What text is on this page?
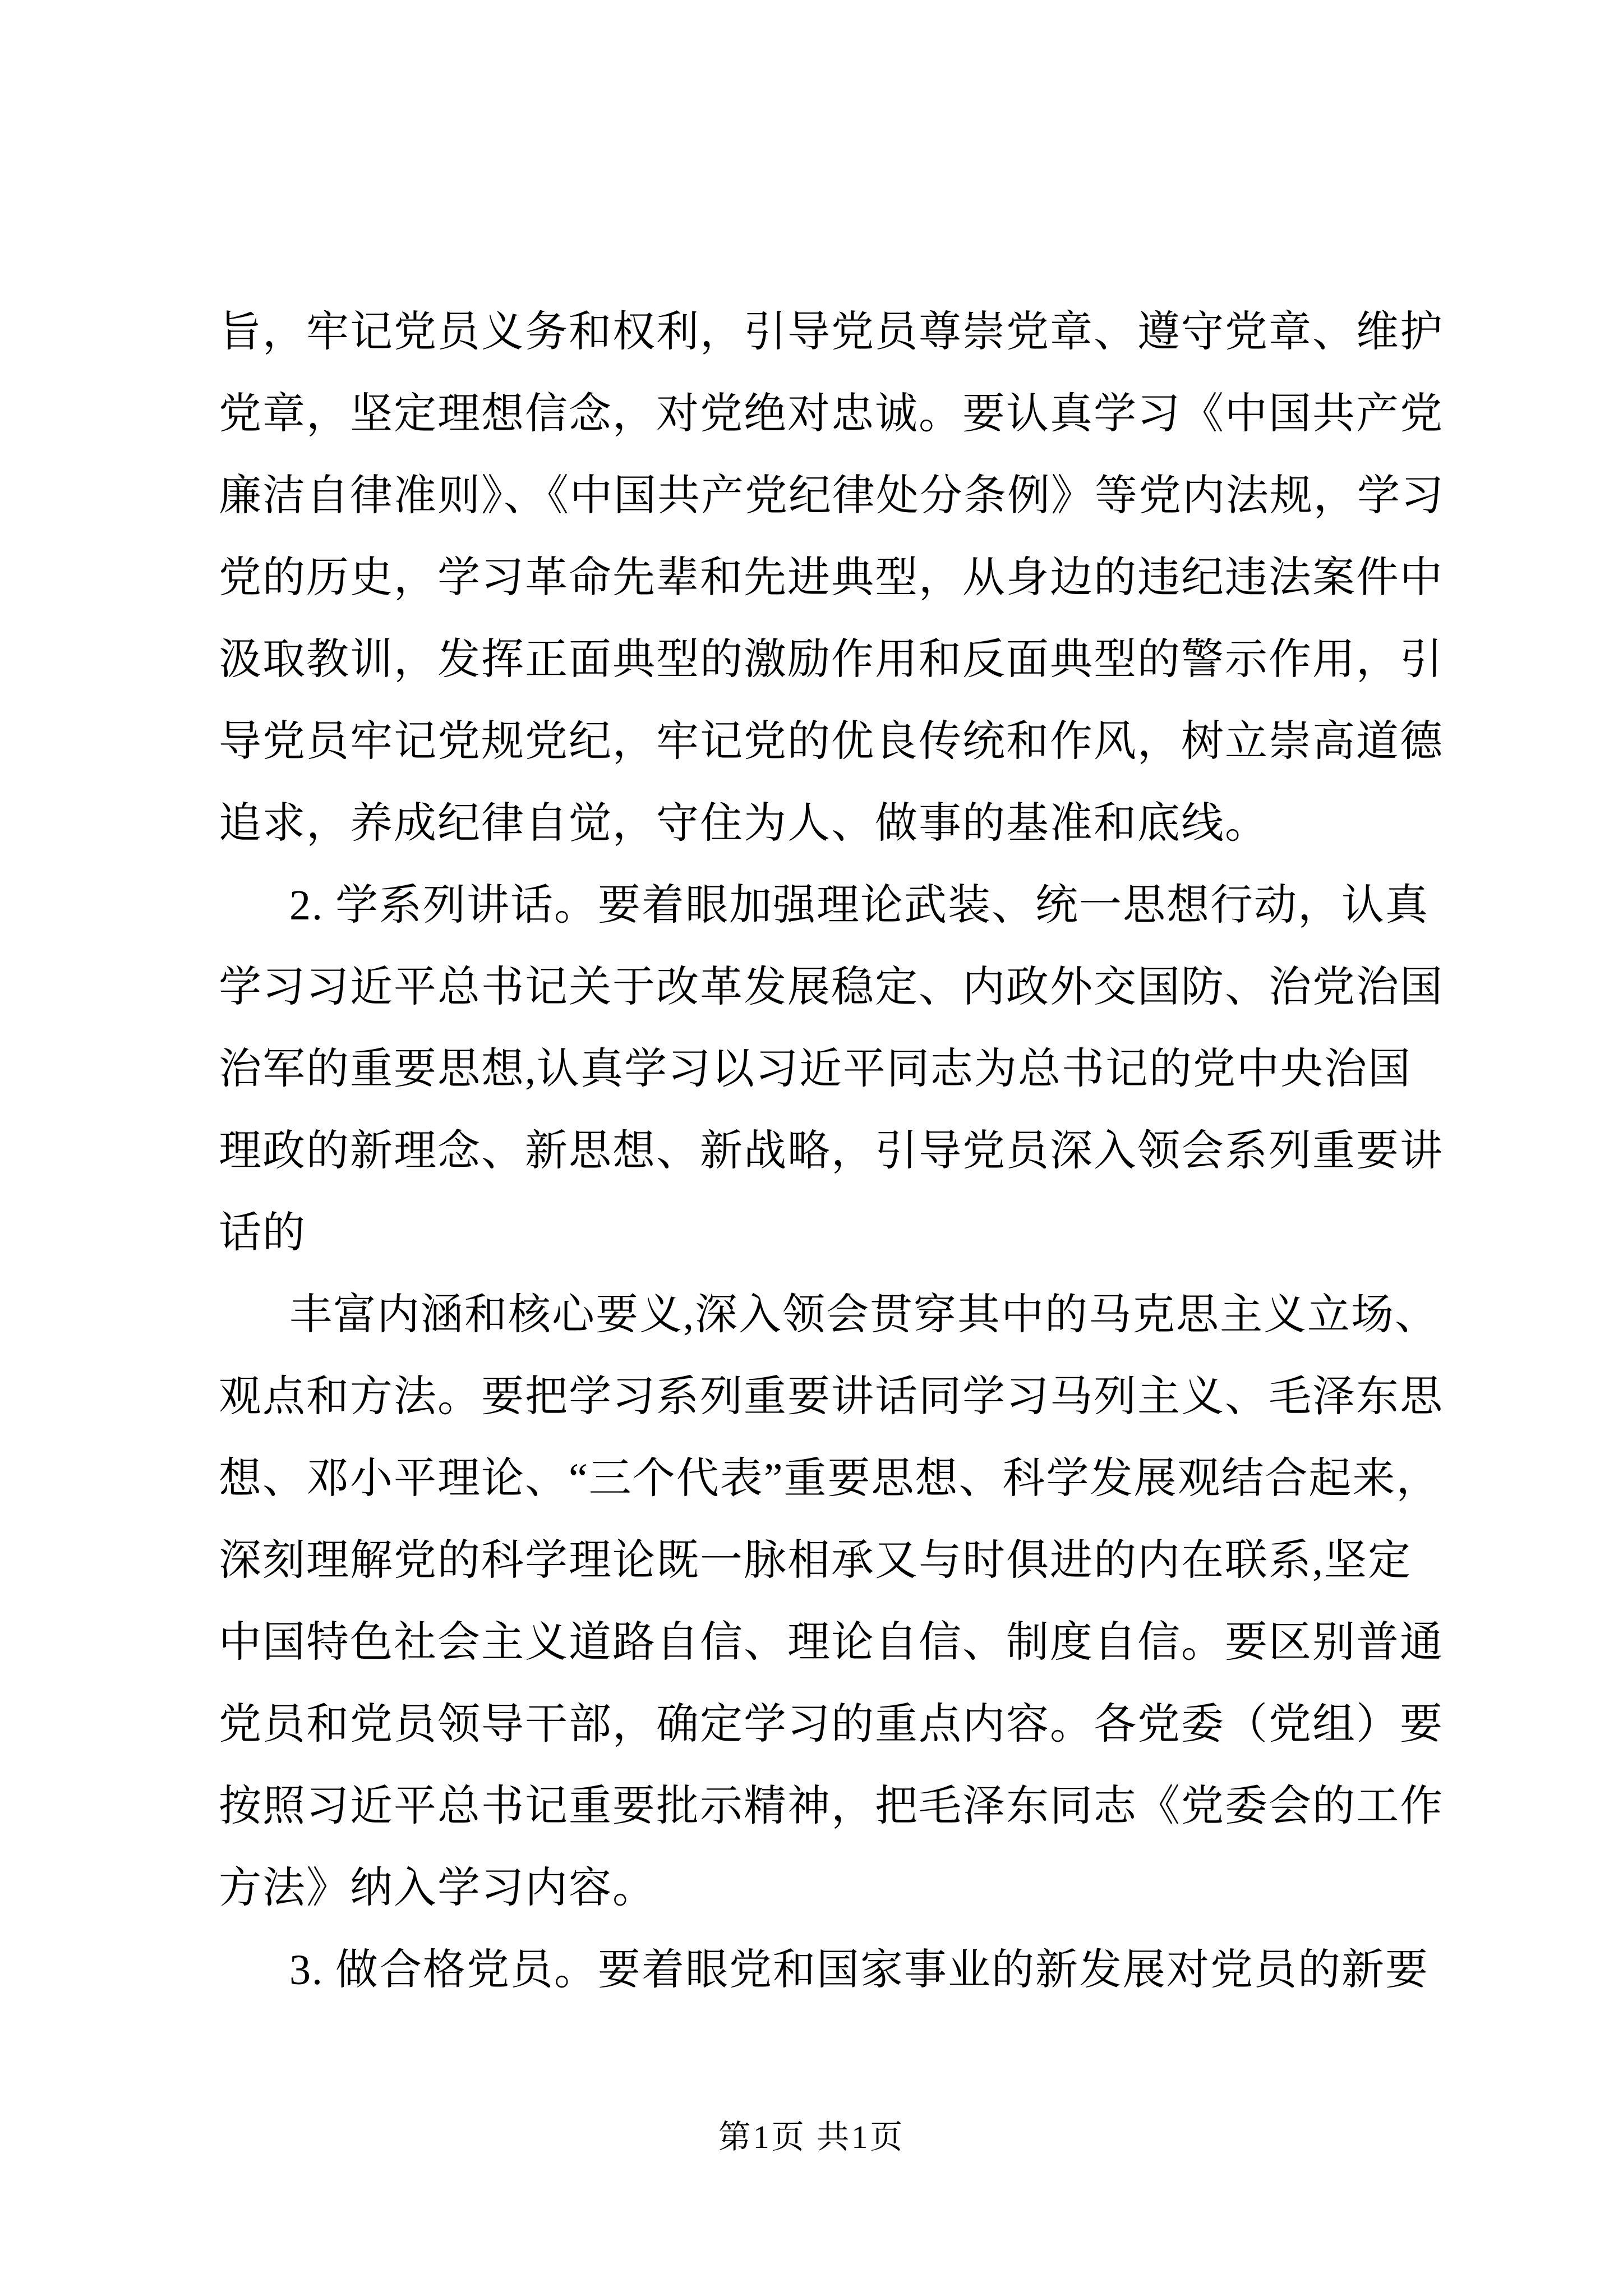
旨，牢记党员义务和权利，引导党员尊崇党章、遵守党章、维护
党章，坚定理想信念，对党绝对忠诚。要认真学习《中国共产党
廉洁自律准则》、《中国共产党纪律处分条例》等党内法规，学习
党的历史，学习革命先辈和先进典型，从身边的违纪违法案件中
汲取教训，发挥正面典型的激励作用和反面典型的警示作用，引
导党员牢记党规党纪，牢记党的优良传统和作风，树立崇高道德
追求，养成纪律自觉，守住为人、做事的基准和底线。
2. 学系列讲话。要着眼加强理论武装、统一思想行动，认真
学习习近平总书记关于改革发展稳定、内政外交国防、治党治国
治军的重要思想,认真学习以习近平同志为总书记的党中央治国
理政的新理念、新思想、新战略，引导党员深入领会系列重要讲
话的
丰富内涵和核心要义,深入领会贯穿其中的马克思主义立场、
观点和方法。要把学习系列重要讲话同学习马列主义、毛泽东思
想、邓小平理论、“三个代表”重要思想、科学发展观结合起来，
深刻理解党的科学理论既一脉相承又与时俱进的内在联系,坚定
中国特色社会主义道路自信、理论自信、制度自信。要区别普通
党员和党员领导干部，确定学习的重点内容。各党委（党组）要
按照习近平总书记重要批示精神，把毛泽东同志《党委会的工作
方法》纳入学习内容。
3. 做合格党员。要着眼党和国家事业的新发展对党员的新要
第1页 共1页
